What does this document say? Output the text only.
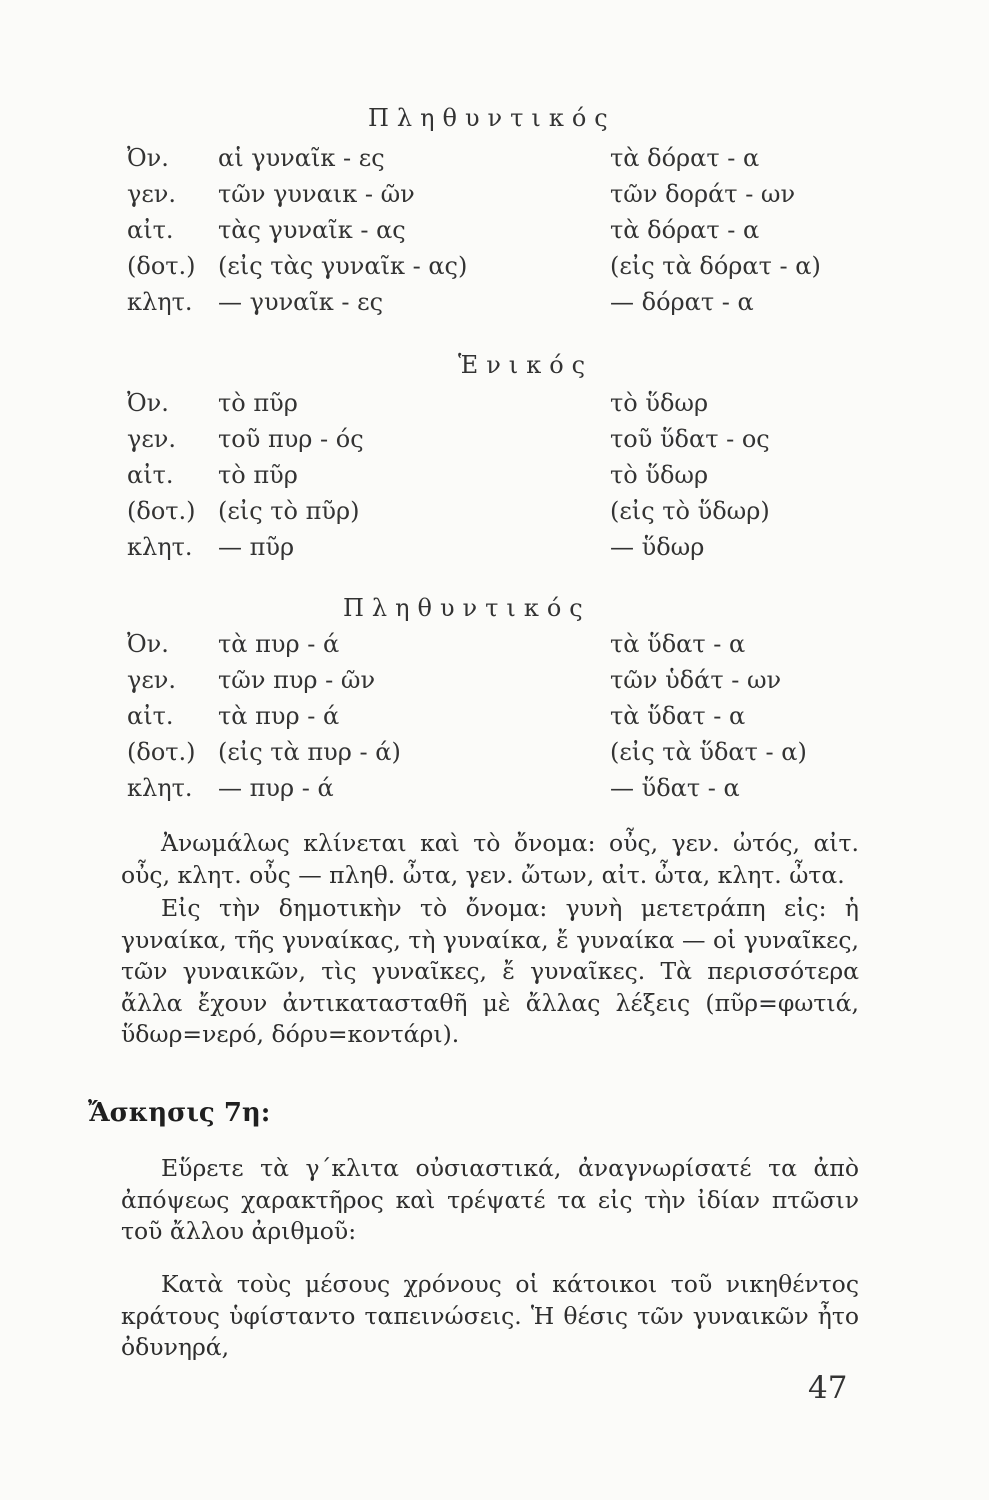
Πληθυντικός
Ὀν. αἱ γυναῖκ - ες	τὰ δόρατ - α
γεν. τῶν γυναικ - ῶν	τῶν δοράτ - ων
αἰτ. τὰς γυναῖκ - ας	τὰ δόρατ - α
(δοτ.) (εἰς τὰς γυναῖκ - ας)	(εἰς τὰ δόρατ - α)
κλητ. — γυναῖκ - ες	— δόρατ - α
Ἑνικός
Ὀν. τὸ πῦρ	τὸ ὕδωρ
γεν. τοῦ πυρ - ός	τοῦ ὕδατ - ος
αἰτ. τὸ πῦρ	τὸ ὕδωρ
(δοτ.) (εἰς τὸ πῦρ)	(εἰς τὸ ὕδωρ)
κλητ. — πῦρ	— ὕδωρ
Πληθυντικός
Ὀν. τὰ πυρ - ά	τὰ ὕδατ - α
γεν. τῶν πυρ - ῶν	τῶν ὑδάτ - ων
αἰτ. τὰ πυρ - ά	τὰ ὕδατ - α
(δοτ.) (εἰς τὰ πυρ - ά)	(εἰς τὰ ὕδατ - α)
κλητ. — πυρ - ά	— ὕδατ - α

Ἀνωμάλως κλίνεται καὶ τὸ ὄνομα: οὖς, γεν. ὠτός, αἰτ. οὖς, κλητ. οὖς — πληθ. ὦτα, γεν. ὤτων, αἰτ. ὦτα, κλητ. ὦτα.

Εἰς τὴν δημοτικὴν τὸ ὄνομα: γυνὴ μετετράπη εἰς: ἡ γυναίκα, τῆς γυναίκας, τὴ γυναίκα, ἔ γυναίκα — οἱ γυναῖκες, τῶν γυναικῶν, τὶς γυναῖκες, ἔ γυναῖκες. Τὰ περισσότερα ἄλλα ἔχουν ἀντικατασταθῆ μὲ ἄλλας λέξεις (πῦρ=φωτιά, ὕδωρ=νερό, δόρυ=κοντάρι).

Ἄσκησις 7η:

Εὕρετε τὰ γ΄κλιτα οὐσιαστικά, ἀναγνωρίσατέ τα ἀπὸ ἀπόψεως χαρακτῆρος καὶ τρέψατέ τα εἰς τὴν ἰδίαν πτῶσιν τοῦ ἄλλου ἀριθμοῦ:

Κατὰ τοὺς μέσους χρόνους οἱ κάτοικοι τοῦ νικηθέντος κράτους ὑφίσταντο ταπεινώσεις. Ἡ θέσις τῶν γυναικῶν ἦτο ὀδυνηρά,

47
